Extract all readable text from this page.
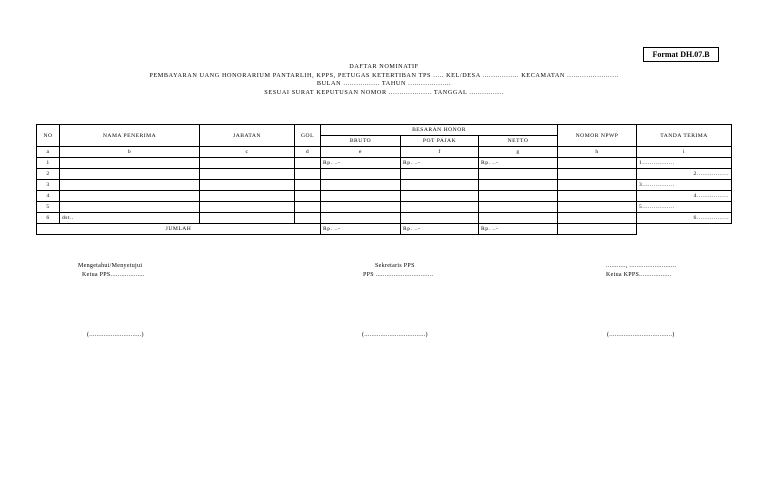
Format DH.07.B
DAFTAR NOMINATIF
PEMBAYARAN UANG HONORARIUM PANTARLIH, KPPS, PETUGAS KETERTIBAN TPS ..... KEL/DESA ................. KECAMATAN ........................
BULAN ................. TAHUN ....................
SESUAI SURAT KEPUTUSAN NOMOR .................... TANGGAL ................
NO	NAMA PENERIMA	JABATAN	GOL	BESARAN HONOR			NOMOR NPWP	TANDA TERIMA
				BRUTO	POT PAJAK	NETTO		
a	b	c	d	e	f	g	h	i
1				Rp. ..-	Rp. ..-	Rp. ..-		1.................
2								2.................
3								3.................
4								4.................
5								5.................
6	dst..							6.................
JUMLAH				Rp. ..-	Rp. ..-	Rp. ..-		
Mengetahui/Menyetujui
Ketua PPS...................
(.............................)
Sekretaris PPS
PPS ................................
(..................................)
..........., ..........................
Ketua KPPS..................
(...................................)
